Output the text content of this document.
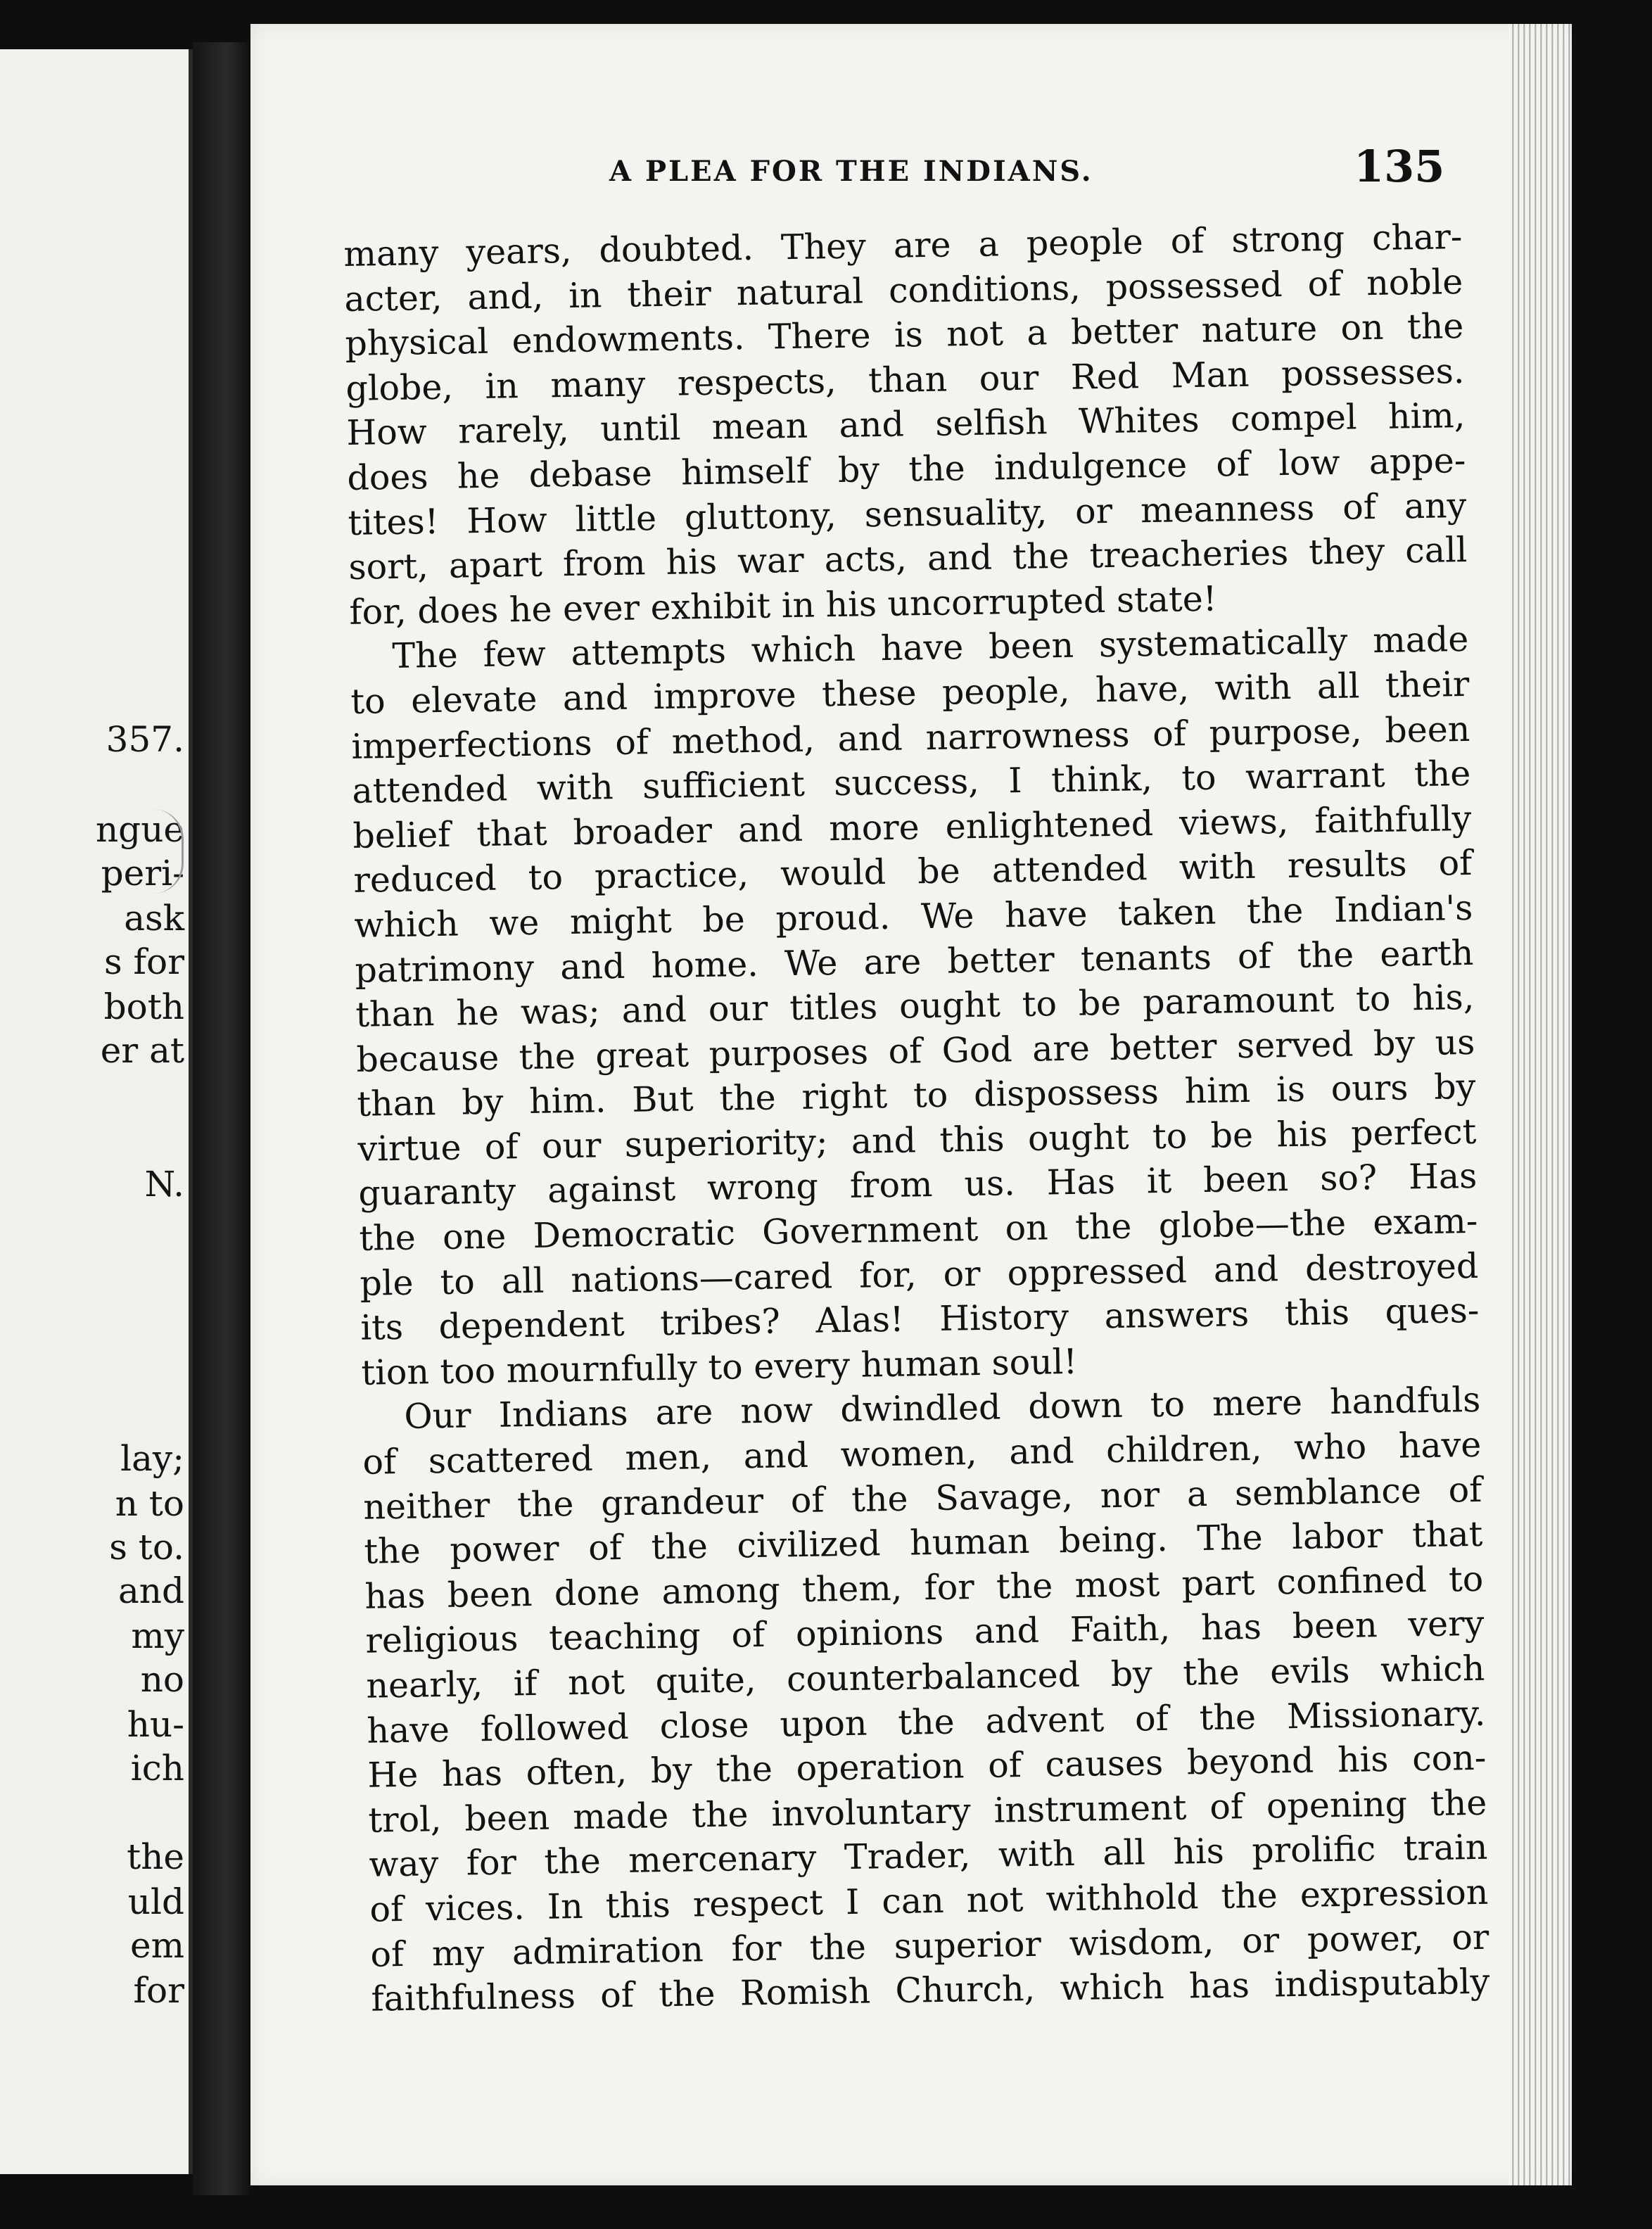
357.
ngue
peri-
ask
s for
both
er at
N.
lay;
n to
s to.
and
my
no
hu-
ich
the
uld
em
for
A PLEA FOR THE INDIANS.	135
many years, doubted. They are a people of strong char-
acter, and, in their natural conditions, possessed of noble
physical endowments. There is not a better nature on the
globe, in many respects, than our Red Man possesses.
How rarely, until mean and selfish Whites compel him,
does he debase himself by the indulgence of low appe-
tites! How little gluttony, sensuality, or meanness of any
sort, apart from his war acts, and the treacheries they call
for, does he ever exhibit in his uncorrupted state!
The few attempts which have been systematically made
to elevate and improve these people, have, with all their
imperfections of method, and narrowness of purpose, been
attended with sufficient success, I think, to warrant the
belief that broader and more enlightened views, faithfully
reduced to practice, would be attended with results of
which we might be proud. We have taken the Indian's
patrimony and home. We are better tenants of the earth
than he was; and our titles ought to be paramount to his,
because the great purposes of God are better served by us
than by him. But the right to dispossess him is ours by
virtue of our superiority; and this ought to be his perfect
guaranty against wrong from us. Has it been so? Has
the one Democratic Government on the globe—the exam-
ple to all nations—cared for, or oppressed and destroyed
its dependent tribes? Alas! History answers this ques-
tion too mournfully to every human soul!
Our Indians are now dwindled down to mere handfuls
of scattered men, and women, and children, who have
neither the grandeur of the Savage, nor a semblance of
the power of the civilized human being. The labor that
has been done among them, for the most part confined to
religious teaching of opinions and Faith, has been very
nearly, if not quite, counterbalanced by the evils which
have followed close upon the advent of the Missionary.
He has often, by the operation of causes beyond his con-
trol, been made the involuntary instrument of opening the
way for the mercenary Trader, with all his prolific train
of vices. In this respect I can not withhold the expression
of my admiration for the superior wisdom, or power, or
faithfulness of the Romish Church, which has indisputably
